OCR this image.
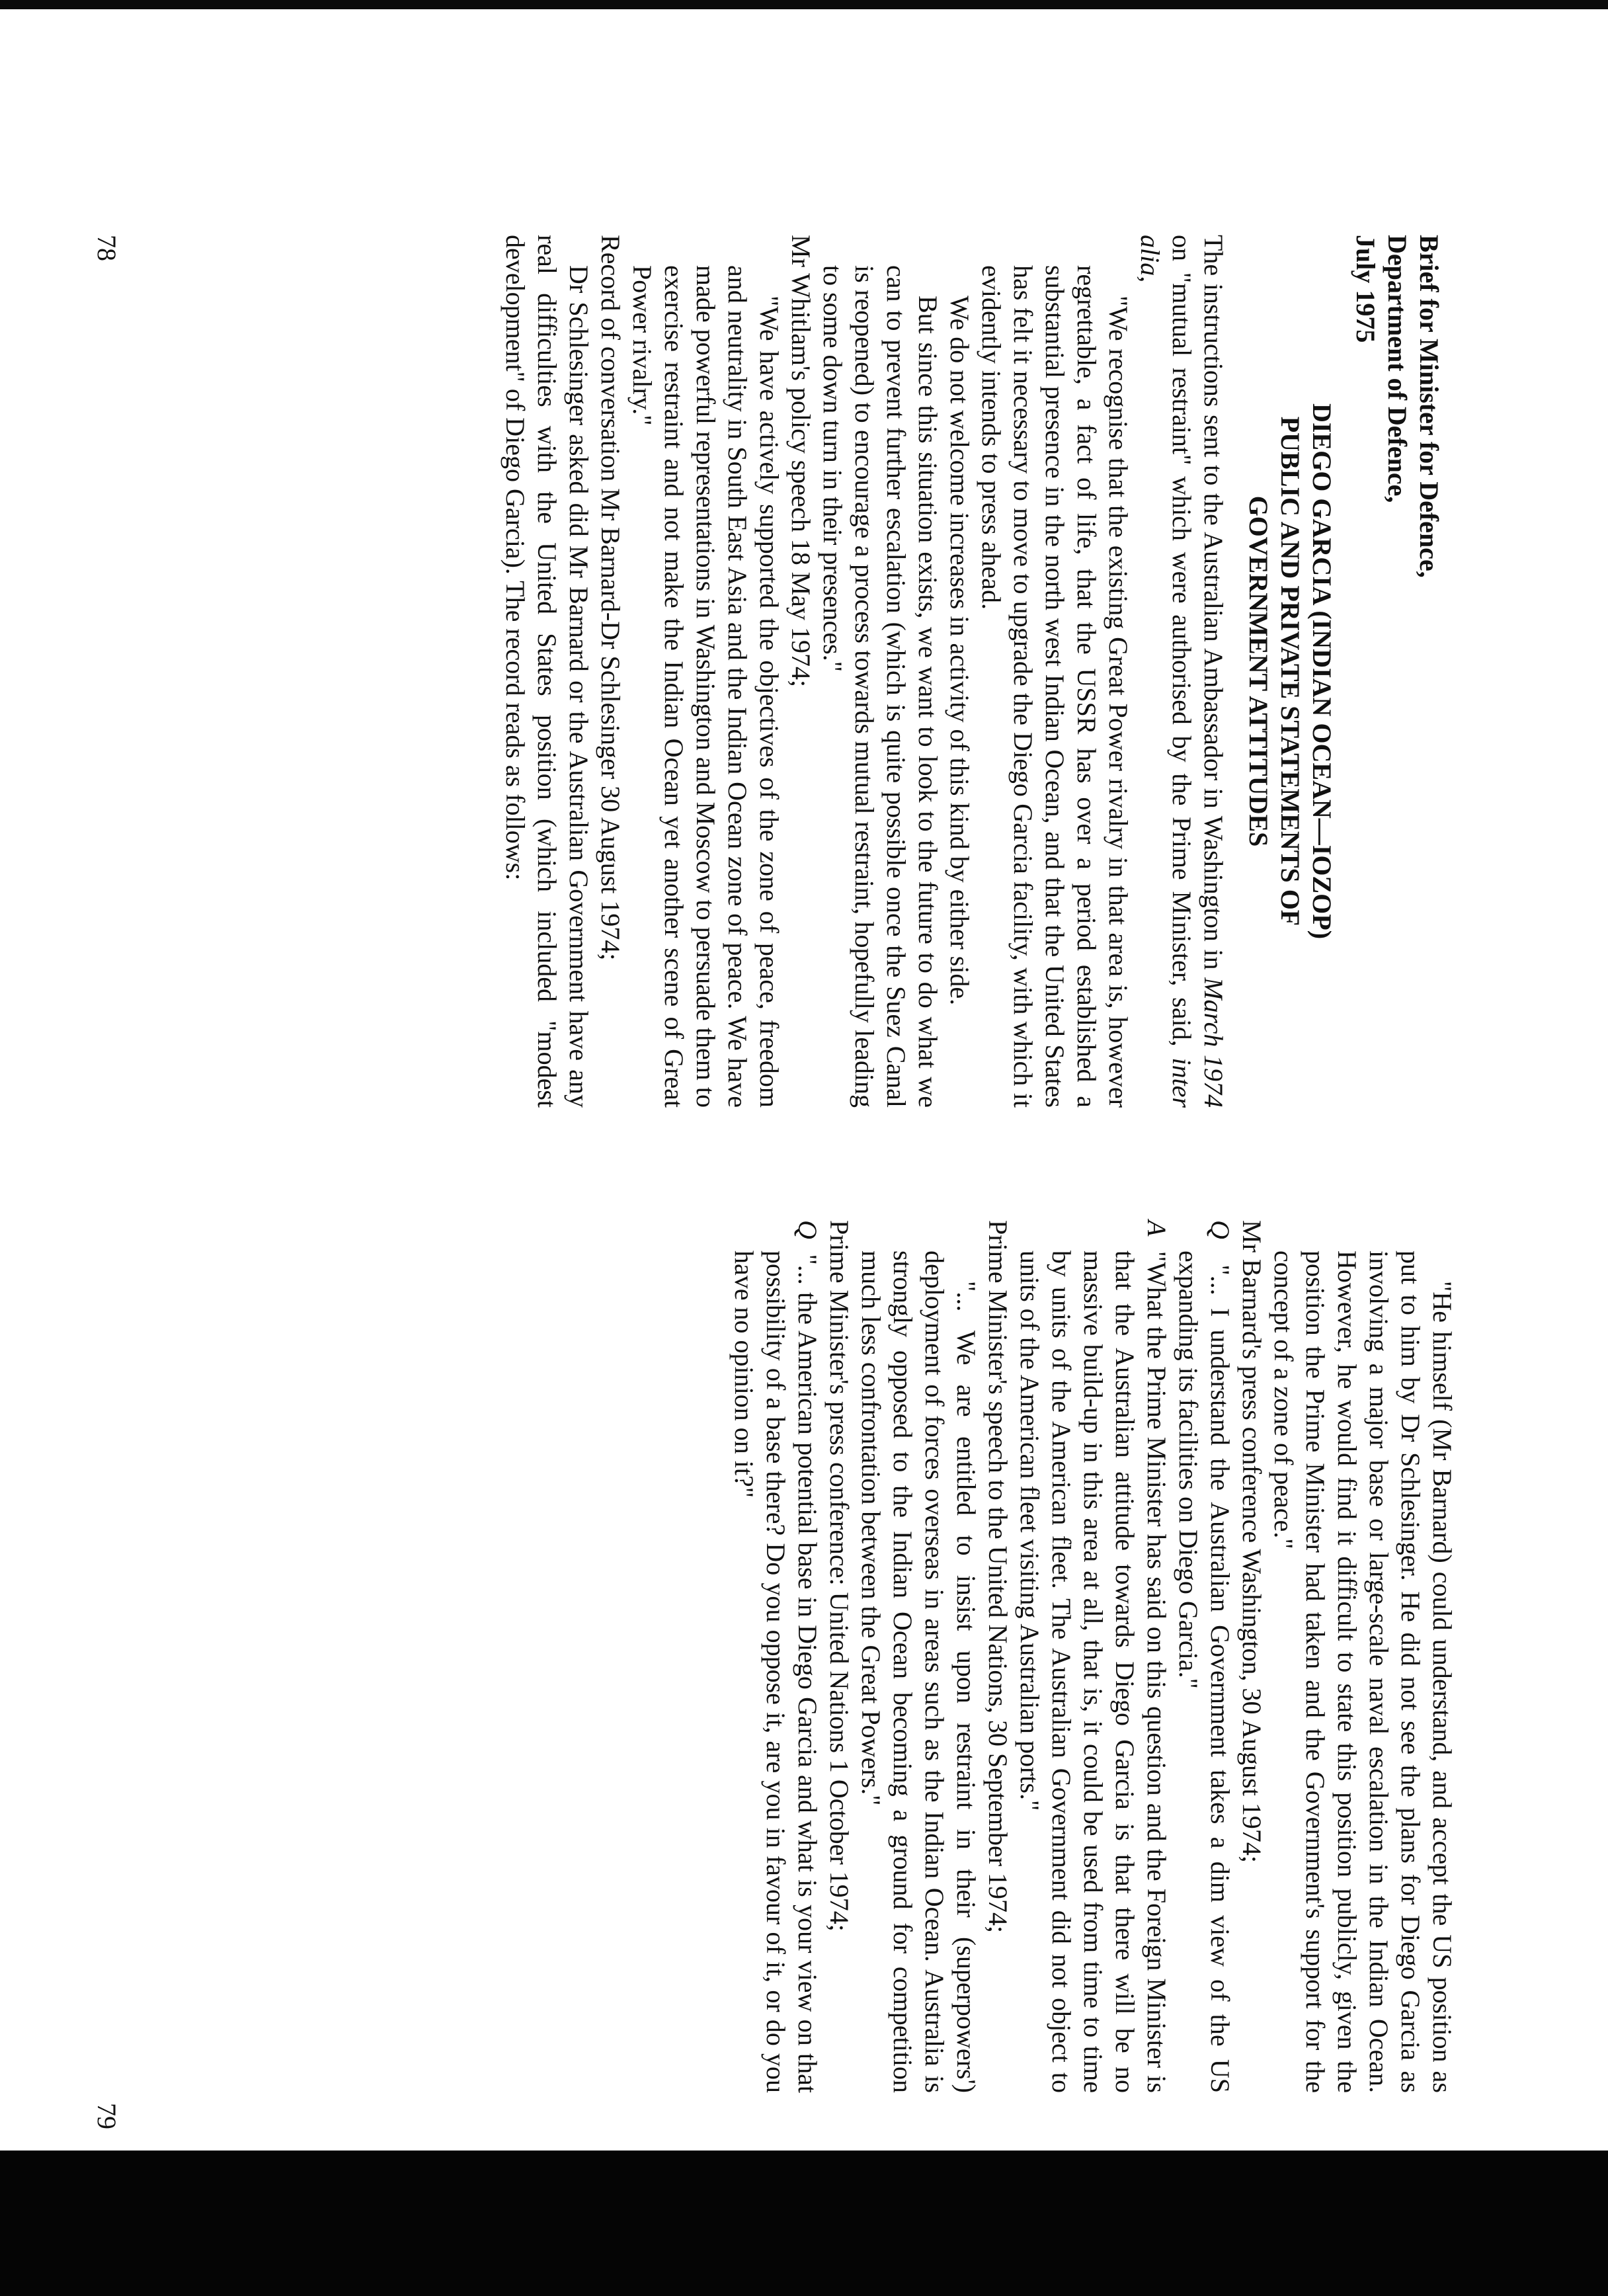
Brief for Minister for Defence,

Department of Defence,

July 1975

DIEGO GARCIA (INDIAN OCEAN—IOZOP)

PUBLIC AND PRIVATE STATEMENTS OF

GOVERNMENT ATTITUDES

The instructions sent to the Australian Ambassador in Washington in March 1974 on "mutual restraint" which were authorised by the Prime Minister, said, inter alia,

"We recognise that the existing Great Power rivalry in that area is, however regrettable, a fact of life, that the USSR has over a period established a substantial presence in the north west Indian Ocean, and that the United States has felt it necessary to move to upgrade the Diego Garcia facility, with which it evidently intends to press ahead.

We do not welcome increases in activity of this kind by either side.

But since this situation exists, we want to look to the future to do what we can to prevent further escalation (which is quite possible once the Suez Canal is reopened) to encourage a process towards mutual restraint, hopefully leading to some down turn in their presences."

Mr Whitlam's policy speech 18 May 1974;

"We have actively supported the objectives of the zone of peace, freedom and neutrality in South East Asia and the Indian Ocean zone of peace. We have made powerful representations in Washington and Moscow to persuade them to exercise restraint and not make the Indian Ocean yet another scene of Great Power rivalry."

Record of conversation Mr Barnard-Dr Schlesinger 30 August 1974;

Dr Schlesinger asked did Mr Barnard or the Australian Government have any real difficulties with the United States position (which included "modest development" of Diego Garcia). The record reads as follows:

78

"He himself (Mr Barnard) could understand, and accept the US position as put to him by Dr Schlesinger. He did not see the plans for Diego Garcia as involving a major base or large-scale naval escalation in the Indian Ocean. However, he would find it difficult to state this position publicly, given the position the Prime Minister had taken and the Government's support for the concept of a zone of peace."

Mr Barnard's press conference Washington, 30 August 1974;

Q  "... I understand the Australian Government takes a dim view of the US expanding its facilities on Diego Garcia."

A  "What the Prime Minister has said on this question and the Foreign Minister is that the Australian attitude towards Diego Garcia is that there will be no massive build-up in this area at all, that is, it could be used from time to time by units of the American fleet. The Australian Government did not object to units of the American fleet visiting Australian ports."

Prime Minister's speech to the United Nations, 30 September 1974;

"... We are entitled to insist upon restraint in their (superpowers') deployment of forces overseas in areas such as the Indian Ocean. Australia is strongly opposed to the Indian Ocean becoming a ground for competition much less confrontation between the Great Powers."

Prime Minister's press conference: United Nations 1 October 1974;

Q  "... the American potential base in Diego Garcia and what is your view on that possibility of a base there? Do you oppose it, are you in favour of it, or do you have no opinion on it?"

79
